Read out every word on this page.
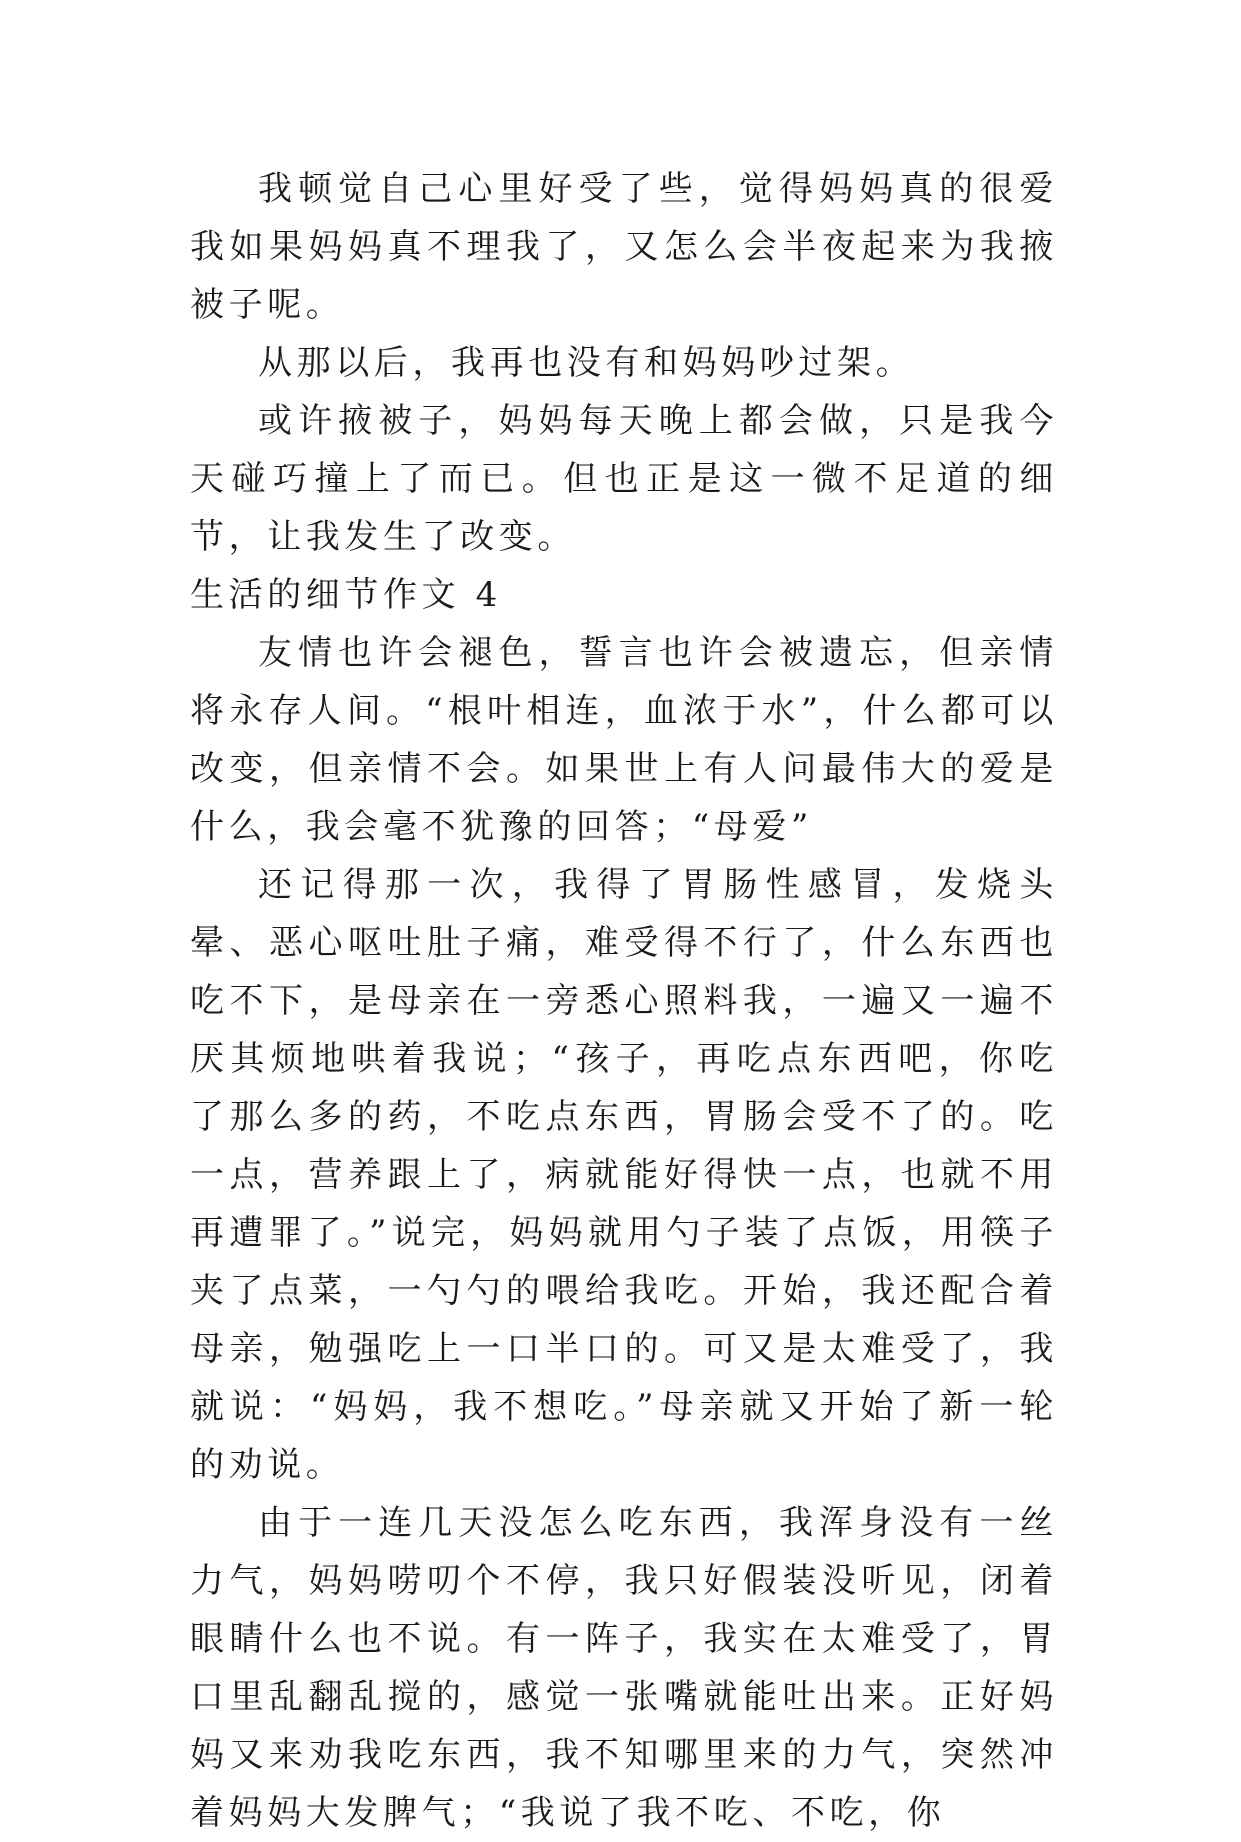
我顿觉自己心里好受了些，觉得妈妈真的很爱我如果妈妈真不理我了，又怎么会半夜起来为我掖被子呢。

从那以后，我再也没有和妈妈吵过架。

或许掖被子，妈妈每天晚上都会做，只是我今天碰巧撞上了而已。但也正是这一微不足道的细节，让我发生了改变。

生活的细节作文 4

友情也许会褪色，誓言也许会被遗忘，但亲情将永存人间。“根叶相连，血浓于水”，什么都可以改变，但亲情不会。如果世上有人问最伟大的爱是什么，我会毫不犹豫的回答；“母爱”

还记得那一次，我得了胃肠性感冒，发烧头晕、恶心呕吐肚子痛，难受得不行了，什么东西也吃不下，是母亲在一旁悉心照料我，一遍又一遍不厌其烦地哄着我说；“孩子，再吃点东西吧，你吃了那么多的药，不吃点东西，胃肠会受不了的。吃一点，营养跟上了，病就能好得快一点，也就不用再遭罪了。”说完，妈妈就用勺子装了点饭，用筷子夹了点菜，一勺勺的喂给我吃。开始，我还配合着母亲，勉强吃上一口半口的。可又是太难受了，我就说：“妈妈，我不想吃。”母亲就又开始了新一轮的劝说。

由于一连几天没怎么吃东西，我浑身没有一丝力气，妈妈唠叨个不停，我只好假装没听见，闭着眼睛什么也不说。有一阵子，我实在太难受了，胃口里乱翻乱搅的，感觉一张嘴就能吐出来。正好妈妈又来劝我吃东西，我不知哪里来的力气，突然冲着妈妈大发脾气；“我说了我不吃、不吃，你
